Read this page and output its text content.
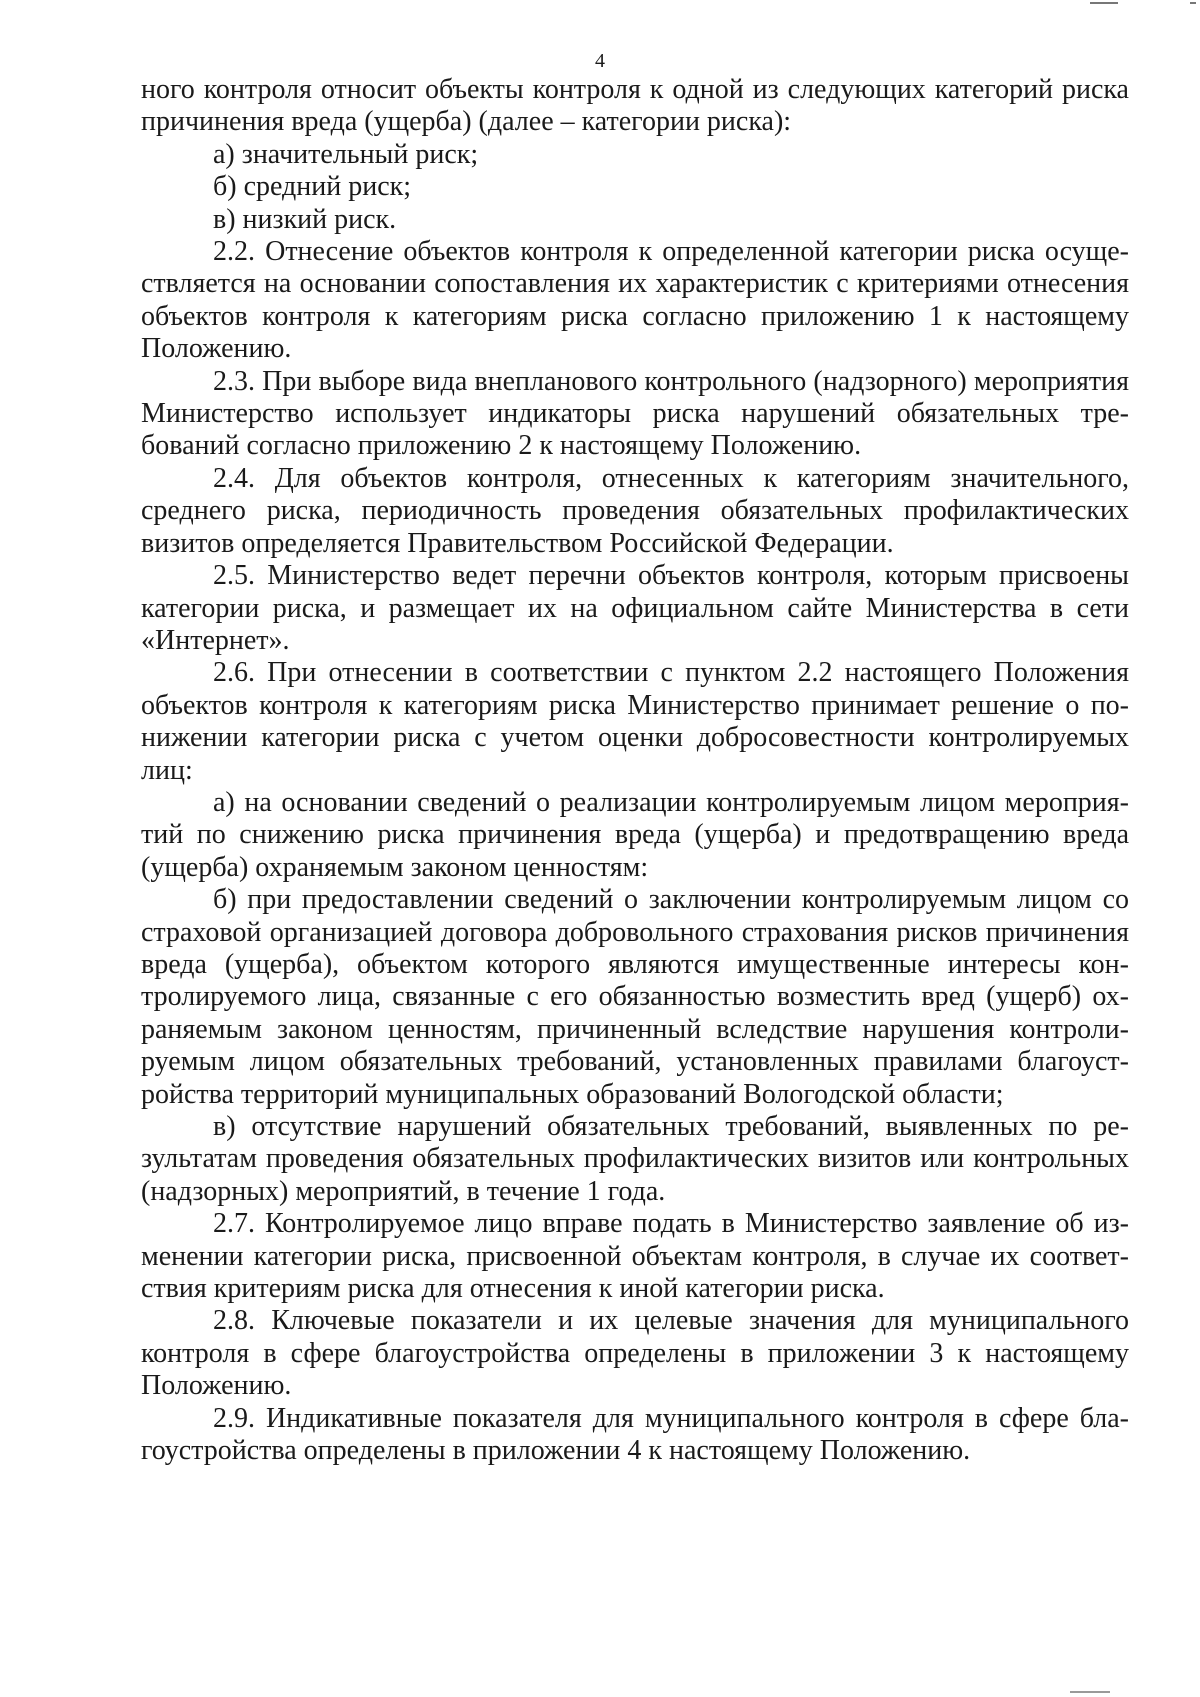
4

ного контроля относит объекты контроля к одной из следующих категорий риска причинения вреда (ущерба) (далее – категории риска):

а) значительный риск;

б) средний риск;

в) низкий риск.

2.2. Отнесение объектов контроля к определенной категории риска осуществляется на основании сопоставления их характеристик с критериями отнесения объектов контроля к категориям риска согласно приложению 1 к настоящему Положению.

2.3. При выборе вида внепланового контрольного (надзорного) мероприятия Министерство использует индикаторы риска нарушений обязательных требований согласно приложению 2 к настоящему Положению.

2.4. Для объектов контроля, отнесенных к категориям значительного, среднего риска, периодичность проведения обязательных профилактических визитов определяется Правительством Российской Федерации.

2.5. Министерство ведет перечни объектов контроля, которым присвоены категории риска, и размещает их на официальном сайте Министерства в сети «Интернет».

2.6. При отнесении в соответствии с пунктом 2.2 настоящего Положения объектов контроля к категориям риска Министерство принимает решение о понижении категории риска с учетом оценки добросовестности контролируемых лиц:

а) на основании сведений о реализации контролируемым лицом мероприятий по снижению риска причинения вреда (ущерба) и предотвращению вреда (ущерба) охраняемым законом ценностям:

б) при предоставлении сведений о заключении контролируемым лицом со страховой организацией договора добровольного страхования рисков причинения вреда (ущерба), объектом которого являются имущественные интересы контролируемого лица, связанные с его обязанностью возместить вред (ущерб) охраняемым законом ценностям, причиненный вследствие нарушения контролируемым лицом обязательных требований, установленных правилами благоустройства территорий муниципальных образований Вологодской области;

в) отсутствие нарушений обязательных требований, выявленных по результатам проведения обязательных профилактических визитов или контрольных (надзорных) мероприятий, в течение 1 года.

2.7. Контролируемое лицо вправе подать в Министерство заявление об изменении категории риска, присвоенной объектам контроля, в случае их соответствия критериям риска для отнесения к иной категории риска.

2.8. Ключевые показатели и их целевые значения для муниципального контроля в сфере благоустройства определены в приложении 3 к настоящему Положению.

2.9. Индикативные показателя для муниципального контроля в сфере благоустройства определены в приложении 4 к настоящему Положению.
